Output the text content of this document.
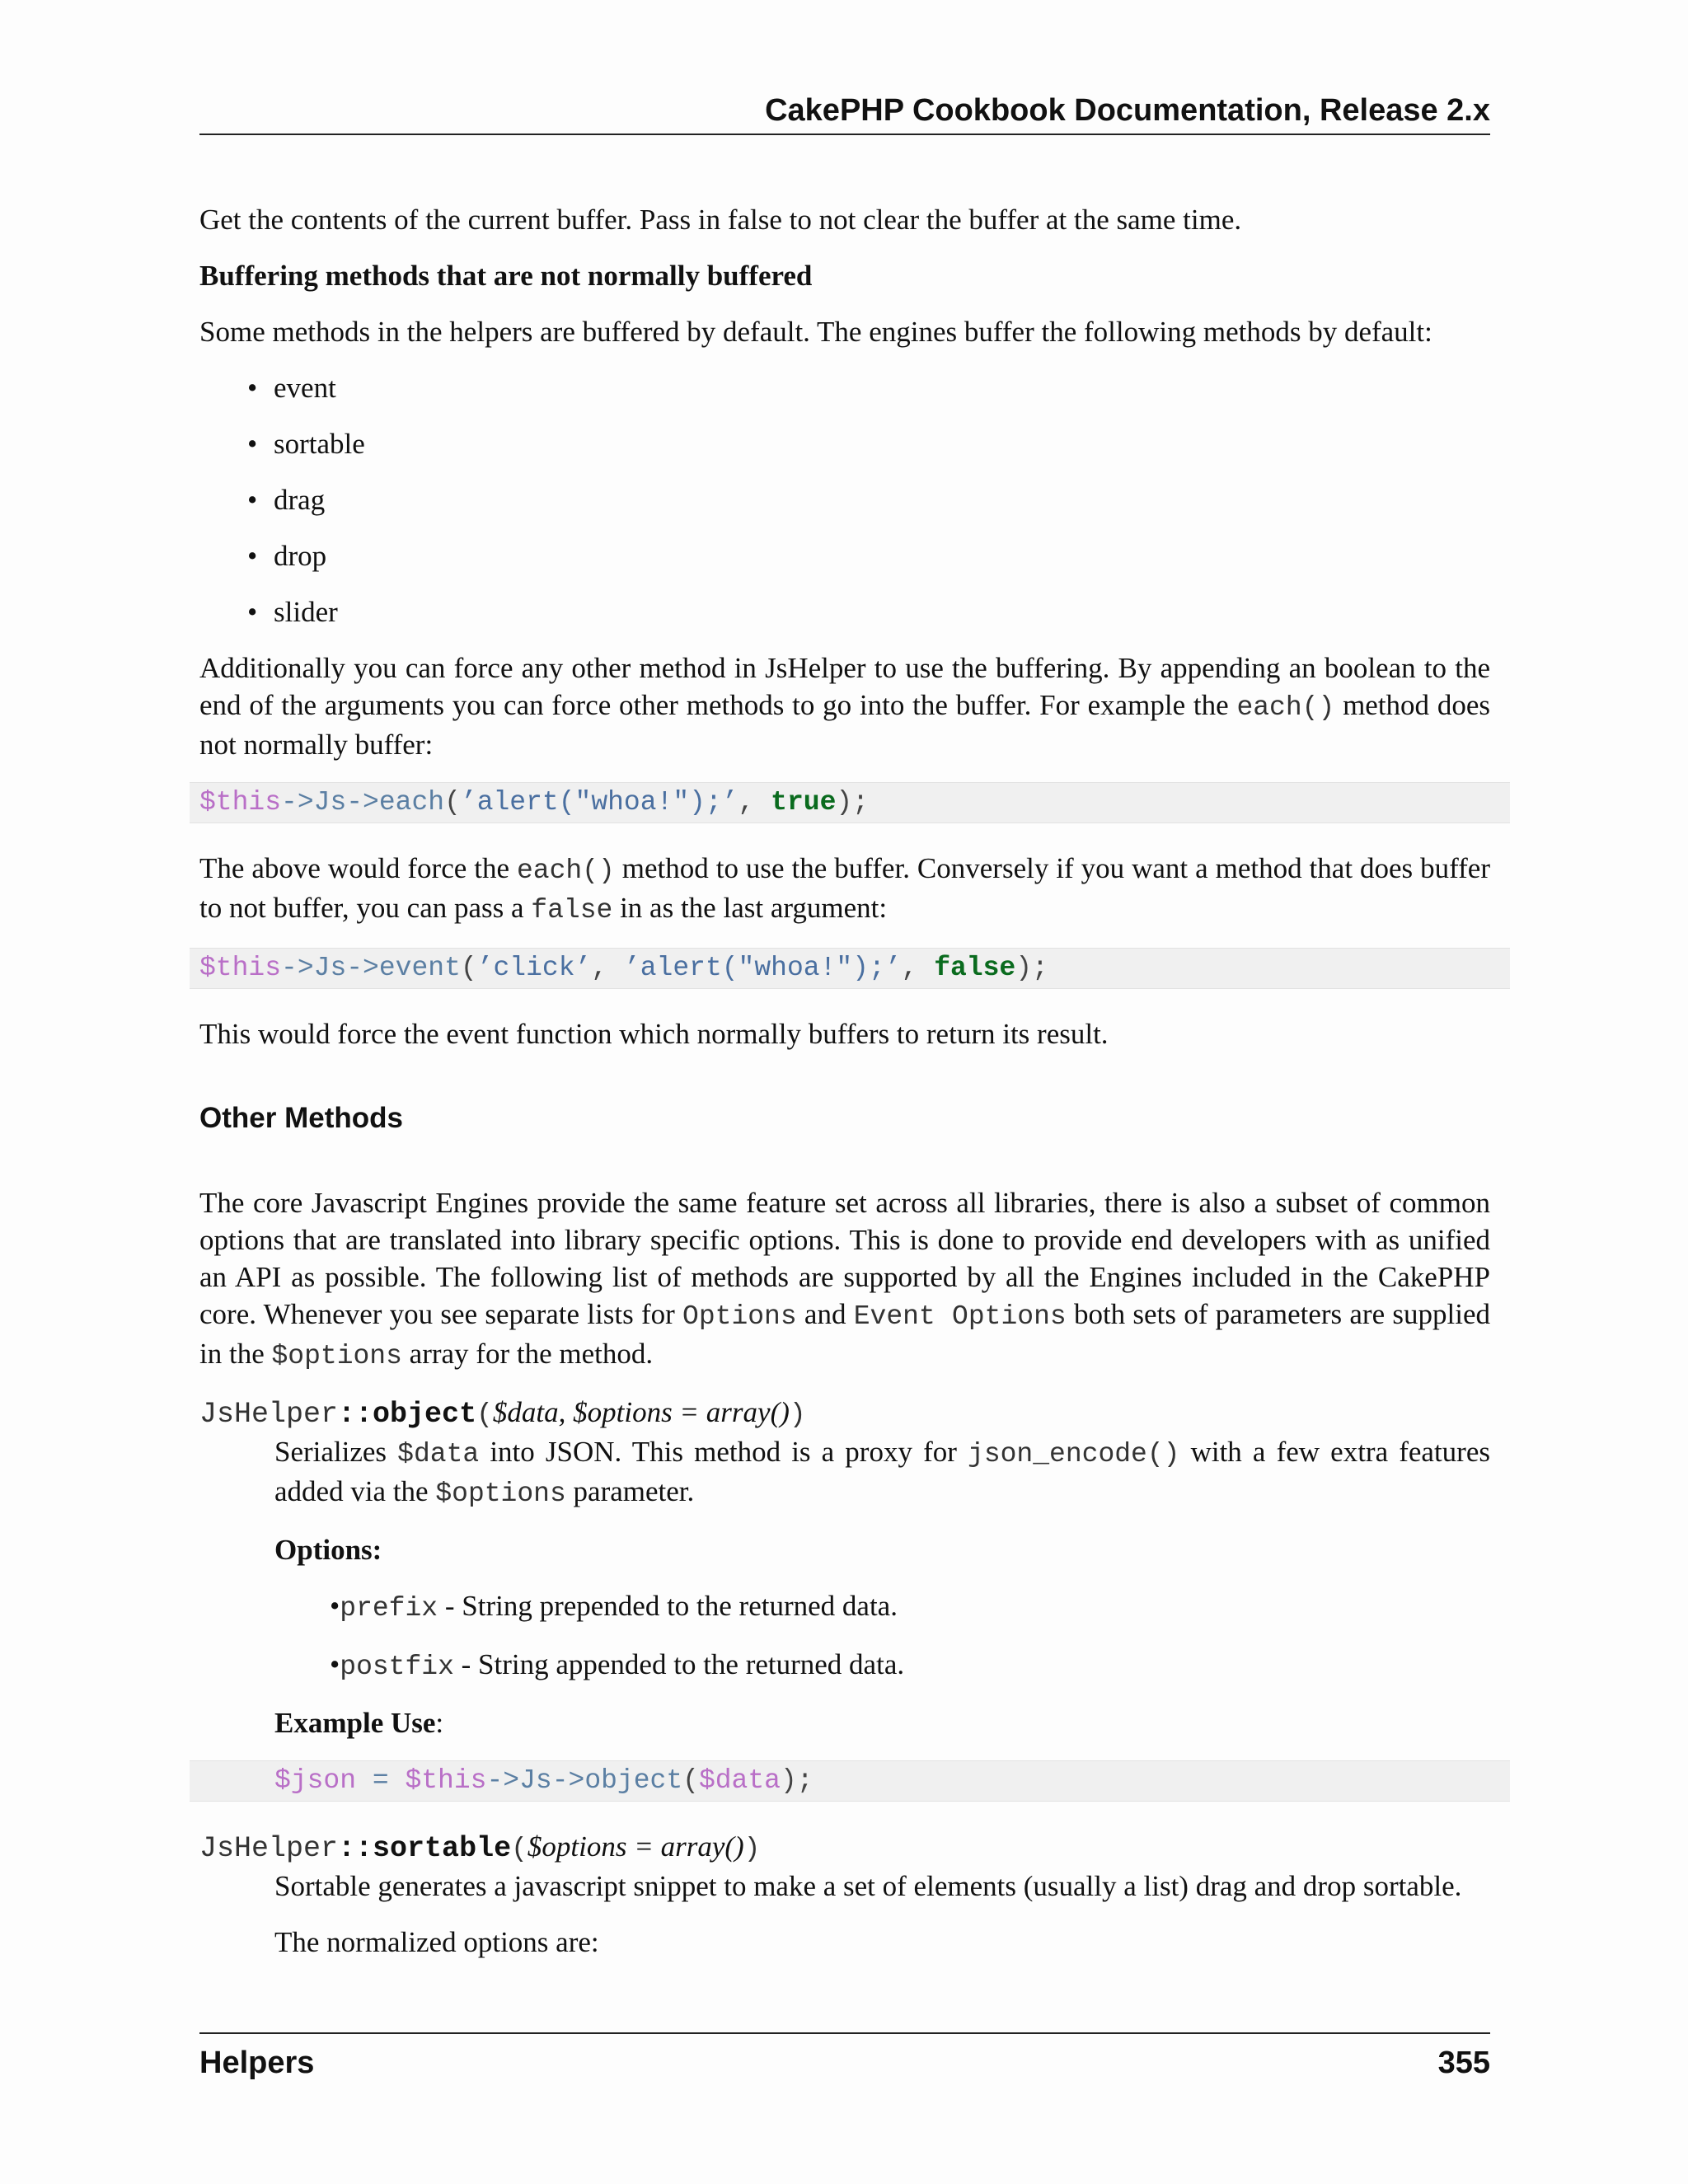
CakePHP Cookbook Documentation, Release 2.x

Get the contents of the current buffer. Pass in false to not clear the buffer at the same time.

Buffering methods that are not normally buffered

Some methods in the helpers are buffered by default. The engines buffer the following methods by default:

• event
• sortable
• drag
• drop
• slider

Additionally you can force any other method in JsHelper to use the buffering. By appending an boolean to the end of the arguments you can force other methods to go into the buffer. For example the each() method does not normally buffer:

$this->Js->each(’alert("whoa!");’, true);

The above would force the each() method to use the buffer. Conversely if you want a method that does buffer to not buffer, you can pass a false in as the last argument:

$this->Js->event(’click’, ’alert("whoa!");’, false);

This would force the event function which normally buffers to return its result.

Other Methods

The core Javascript Engines provide the same feature set across all libraries, there is also a subset of common options that are translated into library specific options. This is done to provide end developers with as unified an API as possible. The following list of methods are supported by all the Engines included in the CakePHP core. Whenever you see separate lists for Options and Event Options both sets of parameters are supplied in the $options array for the method.

JsHelper::object($data, $options = array())

Serializes $data into JSON. This method is a proxy for json_encode() with a few extra features added via the $options parameter.

Options:

•prefix - String prepended to the returned data.
•postfix - String appended to the returned data.

Example Use:

$json = $this->Js->object($data);

JsHelper::sortable($options = array())

Sortable generates a javascript snippet to make a set of elements (usually a list) drag and drop sortable.

The normalized options are:

Helpers	355
